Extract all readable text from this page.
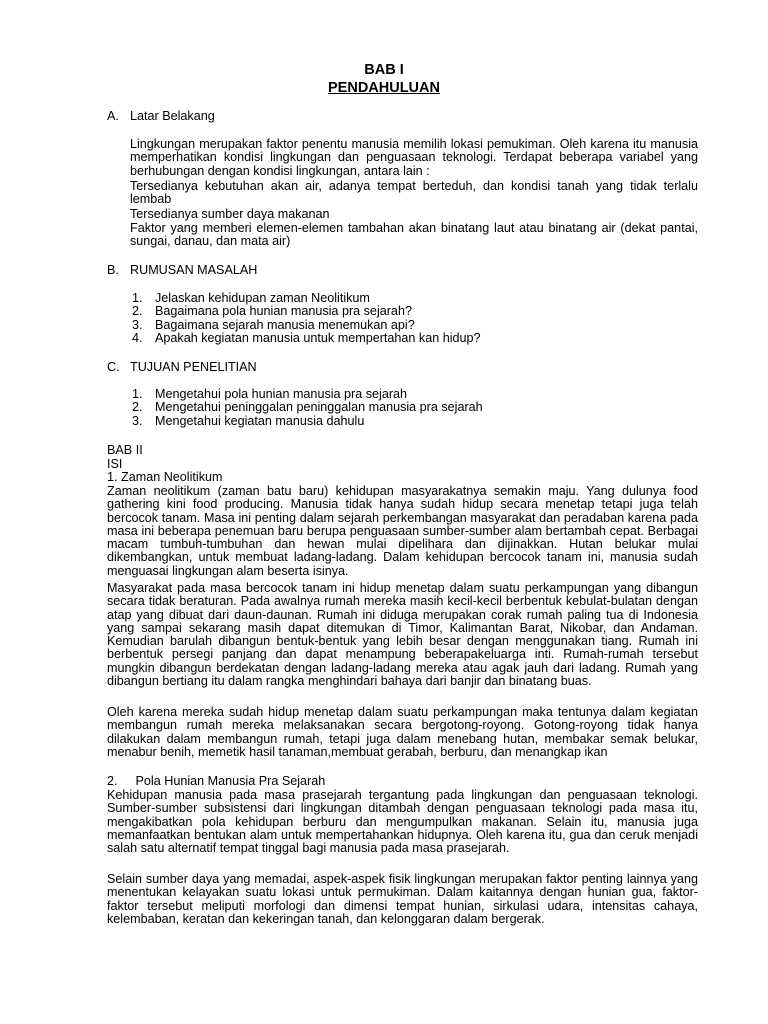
BAB I
PENDAHULUAN
A. Latar Belakang

Lingkungan merupakan faktor penentu manusia memilih lokasi pemukiman. Oleh karena itu manusia memperhatikan kondisi lingkungan dan penguasaan teknologi. Terdapat beberapa variabel yang berhubungan dengan kondisi lingkungan, antara lain :

Tersedianya kebutuhan akan air, adanya tempat berteduh, dan kondisi tanah yang tidak terlalu lembab

Tersedianya sumber daya makanan

Faktor yang memberi elemen-elemen tambahan akan binatang laut atau binatang air (dekat pantai, sungai, danau, dan mata air)

B. RUMUSAN MASALAH
1. Jelaskan kehidupan zaman Neolitikum
2. Bagaimana pola hunian manusia pra sejarah?
3. Bagaimana sejarah manusia menemukan api?
4. Apakah kegiatan manusia untuk mempertahan kan hidup?
C. TUJUAN PENELITIAN
1. Mengetahui pola hunian manusia pra sejarah
2. Mengetahui peninggalan peninggalan manusia pra sejarah
3. Mengetahui kegiatan manusia dahulu
BAB II
ISI
1. Zaman Neolitikum

Zaman neolitikum (zaman batu baru) kehidupan masyarakatnya semakin maju. Yang dulunya food gathering kini food producing. Manusia tidak hanya sudah hidup secara menetap tetapi juga telah bercocok tanam. Masa ini penting dalam sejarah perkembangan masyarakat dan peradaban karena pada masa ini beberapa penemuan baru berupa penguasaan sumber-sumber alam bertambah cepat. Berbagai macam tumbuh-tumbuhan dan hewan mulai dipelihara dan dijinakkan. Hutan belukar mulai dikembangkan, untuk membuat ladang-ladang. Dalam kehidupan bercocok tanam ini, manusia sudah menguasai lingkungan alam beserta isinya.

Masyarakat pada masa bercocok tanam ini hidup menetap dalam suatu perkampungan yang dibangun secara tidak beraturan. Pada awalnya rumah mereka masih kecil-kecil berbentuk kebulat-bulatan dengan atap yang dibuat dari daun-daunan. Rumah ini diduga merupakan corak rumah paling tua di Indonesia yang sampai sekarang masih dapat ditemukan di Timor, Kalimantan Barat, Nikobar, dan Andaman. Kemudian barulah dibangun bentuk-bentuk yang lebih besar dengan menggunakan tiang. Rumah ini berbentuk persegi panjang dan dapat menampung beberapakeluarga inti. Rumah-rumah tersebut mungkin dibangun berdekatan dengan ladang-ladang mereka atau agak jauh dari ladang. Rumah yang dibangun bertiang itu dalam rangka menghindari bahaya dari banjir dan binatang buas.

Oleh karena mereka sudah hidup menetap dalam suatu perkampungan maka tentunya dalam kegiatan membangun rumah mereka melaksanakan secara bergotong-royong. Gotong-royong tidak hanya dilakukan dalam membangun rumah, tetapi juga dalam menebang hutan, membakar semak belukar, menabur benih, memetik hasil tanaman,membuat gerabah, berburu, dan menangkap ikan

2. Pola Hunian Manusia Pra Sejarah

Kehidupan manusia pada masa prasejarah tergantung pada lingkungan dan penguasaan teknologi. Sumber-sumber subsistensi dari lingkungan ditambah dengan penguasaan teknologi pada masa itu, mengakibatkan pola kehidupan berburu dan mengumpulkan makanan. Selain itu, manusia juga memanfaatkan bentukan alam untuk mempertahankan hidupnya. Oleh karena itu, gua dan ceruk menjadi salah satu alternatif tempat tinggal bagi manusia pada masa prasejarah.

Selain sumber daya yang memadai, aspek-aspek fisik lingkungan merupakan faktor penting lainnya yang menentukan kelayakan suatu lokasi untuk permukiman. Dalam kaitannya dengan hunian gua, faktor-faktor tersebut meliputi morfologi dan dimensi tempat hunian, sirkulasi udara, intensitas cahaya, kelembaban, keratan dan kekeringan tanah, dan kelonggaran dalam bergerak.
